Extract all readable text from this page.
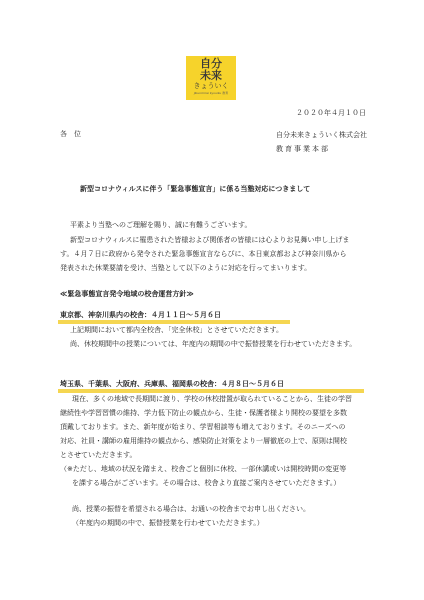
自分
未来
きょういく
jibunmirai kyouiku 教育
２０２０年４月１０日
各　位	自分未来きょういく株式会社
教育事業本部
新型コロナウィルスに伴う「緊急事態宣言」に係る当塾対応につきまして
平素より当塾へのご理解を賜り、誠に有難うございます。
新型コロナウィルスに罹患された皆様および関係者の皆様には心よりお見舞い申し上げま
す。４月７日に政府から発令された緊急事態宣言ならびに、本日東京都および神奈川県から
発表された休業要請を受け、当塾として以下のように対応を行ってまいります。
≪緊急事態宣言発令地域の校舎運営方針≫
東京都、神奈川県内の校舎：４月１１日～５月６日
上記期間において都内全校舎、「完全休校」とさせていただきます。
尚、休校期間中の授業については、年度内の期間の中で振替授業を行わせていただきます。
埼玉県、千葉県、大阪府、兵庫県、福岡県の校舎：４月８日～５月６日
現在、多くの地域で長期間に渡り、学校の休校措置が取られていることから、生徒の学習
継続性や学習習慣の維持、学力低下防止の観点から、生徒・保護者様より開校の要望を多数
頂戴しております。また、新年度が始まり、学習相談等も増えております。そのニーズへの
対応、社員・講師の雇用維持の観点から、感染防止対策をより一層徹底の上で、原則は開校
とさせていただきます。
（※ただし、地域の状況を踏まえ、校舎ごと個別に休校、一部休講或いは開校時間の変更等
を課する場合がございます。その場合は、校舎より直接ご案内させていただきます。）
尚、授業の振替を希望される場合は、お通いの校舎までお申し出ください。
（年度内の期間の中で、振替授業を行わせていただきます。）
